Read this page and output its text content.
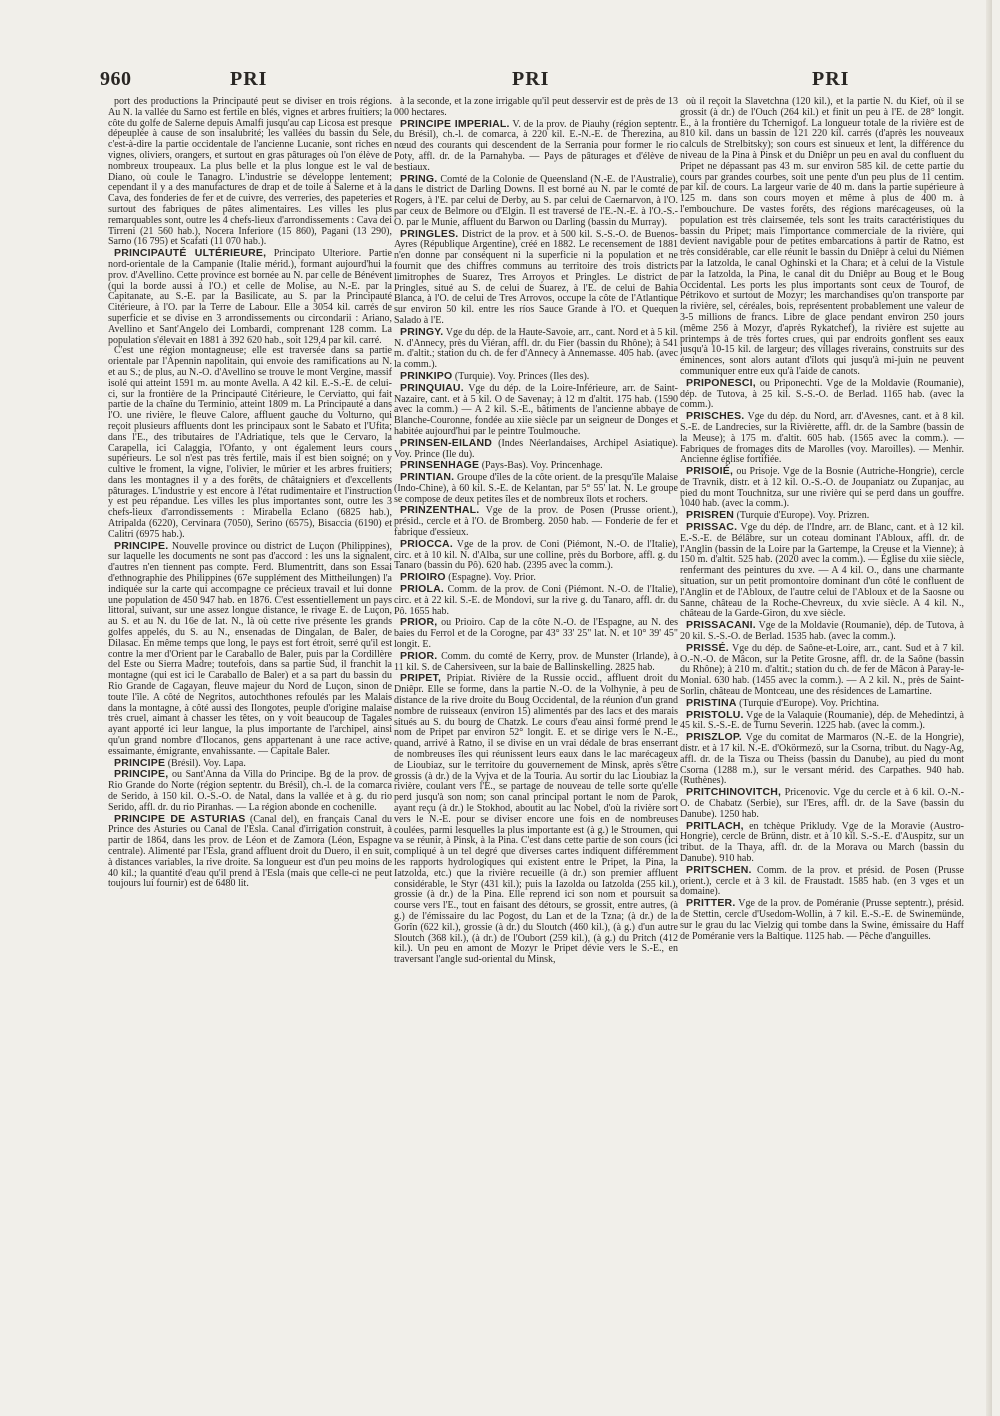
960	PRI	PRI	PRI

port des productions la Principauté peut se diviser en trois régions. Au N. la vallée du Sarno est fertile en blés, vignes et arbres fruitiers; la côte du golfe de Salerne depuis Amalfi jusqu'au cap Licosa est presque dépeuplée à cause de son insalubrité; les vallées du bassin du Sele, c'est-à-dire la partie occidentale de l'ancienne Lucanie, sont riches en vignes, oliviers, orangers, et surtout en gras pâturages où l'on élève de nombreux troupeaux. La plus belle et la plus longue est le val de Diano, où coule le Tanagro. L'industrie se développe lentement; cependant il y a des manufactures de drap et de toile à Salerne et à la Cava, des fonderies de fer et de cuivre, des verreries, des papeteries et surtout des fabriques de pâtes alimentaires. Les villes les plus remarquables sont, outre les 4 chefs-lieux d'arrondissements : Cava dei Tirreni (21 560 hab.), Nocera Inferiore (15 860), Pagani (13 290), Sarno (16 795) et Scafati (11 070 hab.).

PRINCIPAUTÉ ULTÉRIEURE, Principato Ulteriore. Partie nord-orientale de la Campanie (Italie mérid.), formant aujourd'hui la prov. d'Avellino. Cette province est bornée au N. par celle de Bénévent (qui la borde aussi à l'O.) et celle de Molise, au N.-E. par la Capitanate, au S.-E. par la Basilicate, au S. par la Principauté Citérieure, à l'O. par la Terre de Labour. Elle a 3054 kil. carrés de superficie et se divise en 3 arrondissements ou circondarii : Ariano, Avellino et Sant'Angelo dei Lombardi, comprenant 128 comm. La population s'élevait en 1881 à 392 620 hab., soit 129,4 par kil. carré.

C'est une région montagneuse; elle est traversée dans sa partie orientale par l'Apennin napolitain, qui envoie des ramifications au N. et au S.; de plus, au N.-O. d'Avellino se trouve le mont Vergine, massif isolé qui atteint 1591 m. au monte Avella. A 42 kil. E.-S.-E. de celui-ci, sur la frontière de la Principauté Citérieure, le Cerviatto, qui fait partie de la chaîne du Terminio, atteint 1809 m. La Principauté a dans l'O. une rivière, le fleuve Calore, affluent gauche du Volturno, qui reçoit plusieurs affluents dont les principaux sont le Sabato et l'Ufita; dans l'E., des tributaires de l'Adriatique, tels que le Cervaro, la Carapella, ici Calaggia, l'Ofanto, y ont également leurs cours supérieurs. Le sol n'est pas très fertile, mais il est bien soigné; on y cultive le froment, la vigne, l'olivier, le mûrier et les arbres fruitiers; dans les montagnes il y a des forêts, de châtaigniers et d'excellents pâturages. L'industrie y est encore à l'état rudimentaire et l'instruction y est peu répandue. Les villes les plus importantes sont, outre les 3 chefs-lieux d'arrondissements : Mirabella Eclano (6825 hab.), Atripalda (6220), Cervinara (7050), Serino (6575), Bisaccia (6190) et Calitri (6975 hab.).

PRINCIPE. Nouvelle province ou district de Luçon (Philippines), sur laquelle les documents ne sont pas d'accord : les uns la signalent, d'autres n'en tiennent pas compte. Ferd. Blumentritt, dans son Essai d'ethnographie des Philippines (67e supplément des Mittheilungen) l'a indiquée sur la carte qui accompagne ce précieux travail et lui donne une population de 450 947 hab. en 1876. C'est essentiellement un pays littoral, suivant, sur une assez longue distance, le rivage E. de Luçon, au S. et au N. du 16e de lat. N., là où cette rive présente les grands golfes appelés, du S. au N., ensenadas de Dingalan, de Baler, de Dilasac. En même temps que long, le pays est fort étroit, serré qu'il est contre la mer d'Orient par le Caraballo de Baler, puis par la Cordillère del Este ou Sierra Madre; toutefois, dans sa partie Sud, il franchit la montagne (qui est ici le Caraballo de Baler) et a sa part du bassin du Rio Grande de Cagayan, fleuve majeur du Nord de Luçon, sinon de toute l'île. A côté de Negritos, autochthones refoulés par les Malais dans la montagne, à côté aussi des Ilongotes, peuple d'origine malaise très cruel, aimant à chasser les têtes, on y voit beaucoup de Tagales ayant apporté ici leur langue, la plus importante de l'archipel, ainsi qu'un grand nombre d'Ilocanos, gens appartenant à une race active, essaimante, émigrante, envahissante. — Capitale Baler.

PRINCIPE (Brésil). Voy. Lapa.

PRINCIPE, ou Sant'Anna da Villa do Principe. Bg de la prov. de Rio Grande do Norte (région septentr. du Brésil), ch.-l. de la comarca de Serido, à 150 kil. O.-S.-O. de Natal, dans la vallée et à g. du rio Serido, affl. dr. du rio Piranhas. — La région abonde en cochenille.

PRINCIPE DE ASTURIAS (Canal del), en français Canal du Prince des Asturies ou Canal de l'Esla. Canal d'irrigation construit, à partir de 1864, dans les prov. de Léon et de Zamora (Léon, Espagne centrale). Alimenté par l'Esla, grand affluent droit du Duero, il en suit, à distances variables, la rive droite. Sa longueur est d'un peu moins de 40 kil.; la quantité d'eau qu'il prend à l'Esla (mais que celle-ci ne peut toujours lui fournir) est de 6480 lit.

à la seconde, et la zone irrigable qu'il peut desservir est de près de 13 000 hectares.

PRINCIPE IMPERIAL. V. de la prov. de Piauhy (région septentr. du Brésil), ch.-l. de comarca, à 220 kil. E.-N.-E. de Therezina, au nœud des courants qui descendent de la Serrania pour former le rio Poty, affl. dr. de la Parnahyba. — Pays de pâturages et d'élève de bestiaux.

PRING. Comté de la Colonie de Queensland (N.-E. de l'Australie), dans le district de Darling Downs. Il est borné au N. par le comté de Rogers, à l'E. par celui de Derby, au S. par celui de Caernarvon, à l'O. par ceux de Belmore ou d'Elgin. Il est traversé de l'E.-N.-E. à l'O.-S.-O. par le Munie, affluent du Barwon ou Darling (bassin du Murray).

PRINGLES. District de la prov. et à 500 kil. S.-S.-O. de Buenos-Ayres (République Argentine), créé en 1882. Le recensement de 1881 n'en donne par conséquent ni la superficie ni la population et ne fournit que des chiffres communs au territoire des trois districts limitrophes de Suarez, Tres Arroyos et Pringles. Le district de Pringles, situé au S. de celui de Suarez, à l'E. de celui de Bahia Blanca, à l'O. de celui de Tres Arrovos, occupe la côte de l'Atlantique sur environ 50 kil. entre les ríos Sauce Grande à l'O. et Quequen Salado à l'E.

PRINGY. Vge du dép. de la Haute-Savoie, arr., cant. Nord et à 5 kil. N. d'Annecy, près du Viéran, affl. dr. du Fier (bassin du Rhône); à 541 m. d'altit.; station du ch. de fer d'Annecy à Annemasse. 405 hab. (avec la comm.).

PRINKIPO (Turquie). Voy. Princes (Iles des).

PRINQUIAU. Vge du dép. de la Loire-Inférieure, arr. de Saint-Nazaire, cant. et à 5 kil. O de Savenay; à 12 m d'altit. 175 hab. (1590 avec la comm.) — A 2 kil. S.-E., bâtiments de l'ancienne abbaye de Blanche-Couronne, fondée au xiie siècle par un seigneur de Donges et habitée aujourd'hui par le peintre Toulmouche.

PRINSEN-EILAND (Indes Néerlandaises, Archipel Asiatique). Voy. Prince (Ile du).

PRINSENHAGE (Pays-Bas). Voy. Princenhage.

PRINTIAN. Groupe d'îles de la côte orient. de la presqu'île Malaise (Indo-Chine), à 60 kil. S.-E. de Kelantan, par 5° 55' lat. N. Le groupe se compose de deux petites îles et de nombreux îlots et rochers.

PRINZENTHAL. Vge de la prov. de Posen (Prusse orient.), présid., cercle et à l'O. de Bromberg. 2050 hab. — Fonderie de fer et fabrique d'essieux.

PRIOCCA. Vge de la prov. de Coni (Piémont, N.-O. de l'Italie), circ. et à 10 kil. N. d'Alba, sur une colline, près du Borbore, affl. g. du Tanaro (bassin du Pô). 620 hab. (2395 avec la comm.).

PRIOIRO (Espagne). Voy. Prior.

PRIOLA. Comm. de la prov. de Coni (Piémont. N.-O. de l'Italie), circ. et à 22 kil. S.-E. de Mondovi, sur la rive g. du Tanaro, affl. dr. du Pô. 1655 hab.

PRIOR, ou Prioiro. Cap de la côte N.-O. de l'Espagne, au N. des baies du Ferrol et de la Corogne, par 43° 33' 25" lat. N. et 10° 39' 45" longit. E.

PRIOR. Comm. du comté de Kerry, prov. de Munster (Irlande), à 11 kil. S. de Cahersiveen, sur la baie de Ballinskelling. 2825 hab.

PRIPET, Pripiat. Rivière de la Russie occid., affluent droit du Dniêpr. Elle se forme, dans la partie N.-O. de la Volhynie, à peu de distance de la rive droite du Boug Occidental, de la réunion d'un grand nombre de ruisseaux (environ 15) alimentés par des lacs et des marais situés au S. du bourg de Chatzk. Le cours d'eau ainsi formé prend le nom de Pripet par environ 52° longit. E. et se dirige vers le N.-E., quand, arrivé à Ratno, il se divise en un vrai dédale de bras enserrant de nombreuses îles qui réunissent leurs eaux dans le lac marécageux de Lioubiaz, sur le territoire du gouvernement de Minsk, après s'être grossis (à dr.) de la Vyjva et de la Touria. Au sortir du lac Lioubiaz la rivière, coulant vers l'E., se partage de nouveau de telle sorte qu'elle perd jusqu'à son nom; son canal principal portant le nom de Parok, ayant reçu (à dr.) le Stokhod, aboutit au lac Nobel, d'où la rivière sort vers le N.-E. pour se diviser encore une fois en de nombreuses coulées, parmi lesquelles la plus importante est (à g.) le Stroumen, qui va se réunir, à Pinsk, à la Pina. C'est dans cette partie de son cours (ici compliqué à un tel degré que diverses cartes indiquent différemment les rapports hydrologiques qui existent entre le Pripet, la Pina, la Iatzolda, etc.) que la rivière recueille (à dr.) son premier affluent considérable, le Styr (431 kil.); puis la Iazolda ou Iatzolda (255 kil.), grossie (à dr.) de la Pina. Elle reprend ici son nom et poursuit sa course vers l'E., tout en faisant des détours, se grossit, entre autres, (à g.) de l'émissaire du lac Pogost, du Lan et de la Tzna; (à dr.) de la Gorîn (622 kil.), grossie (à dr.) du Sloutch (460 kil.), (à g.) d'un autre Sloutch (368 kil.), (à dr.) de l'Oubort (259 kil.), (à g.) du Pritch (412 kil.). Un peu en amont de Mozyr le Pripet dévie vers le S.-E., en traversant l'angle sud-oriental du Minsk,

où il reçoit la Slavetchna (120 kil.), et la partie N. du Kief, où il se grossit (à dr.) de l'Ouch (264 kil.) et finit un peu à l'E. de 28° longit. E., à la frontière du Tchernigof. La longueur totale de la rivière est de 810 kil. dans un bassin de 121 220 kil. carrés (d'après les nouveaux calculs de Strelbitsky); son cours est sinueux et lent, la différence du niveau de la Pina à Pinsk et du Dniêpr un peu en aval du confluent du Pripet ne dépassant pas 43 m. sur environ 585 kil. de cette partie du cours par grandes courbes, soit une pente d'un peu plus de 11 centim. par kil. de cours. La largeur varie de 40 m. dans la partie supérieure à 125 m. dans son cours moyen et même à plus de 400 m. à l'embouchure. De vastes forêts, des régions marécageuses, où la population est très clairsemée, tels sont les traits caractéristiques du bassin du Pripet; mais l'importance commerciale de la rivière, qui devient navigable pour de petites embarcations à partir de Ratno, est très considérable, car elle réunit le bassin du Dniêpr à celui du Niémen par la Iatzolda, le canal Oghinski et la Chara; et à celui de la Vistule par la Iatzolda, la Pina, le canal dit du Dniêpr au Boug et le Boug Occidental. Les ports les plus importants sont ceux de Tourof, de Pétrikovo et surtout de Mozyr; les marchandises qu'on transporte par la rivière, sel, céréales, bois, représentent probablement une valeur de 3-5 millions de francs. Libre de glace pendant environ 250 jours (même 256 à Mozyr, d'après Rykatchef), la rivière est sujette au printemps à de très fortes crues, qui par endroits gonflent ses eaux jusqu'à 10-15 kil. de largeur; des villages riverains, construits sur des éminences, sont alors autant d'îlots qui jusqu'à mi-juin ne peuvent communiquer entre eux qu'à l'aide de canots.

PRIPONESCI, ou Priponechti. Vge de la Moldavie (Roumanie), dép. de Tutova, à 25 kil. S.-S.-O. de Berlad. 1165 hab. (avec la comm.).

PRISCHES. Vge du dép. du Nord, arr. d'Avesnes, cant. et à 8 kil. S.-E. de Landrecies, sur la Rivièrette, affl. dr. de la Sambre (bassin de la Meuse); à 175 m. d'altit. 605 hab. (1565 avec la comm.). — Fabriques de fromages dits de Marolles (voy. Maroilles). — Menhir. Ancienne église fortifiée.

PRISOIÉ, ou Prisoje. Vge de la Bosnie (Autriche-Hongrie), cercle de Travnik, distr. et à 12 kil. O.-S.-O. de Joupaniatz ou Zupanjac, au pied du mont Touchnitza, sur une rivière qui se perd dans un gouffre. 1040 hab. (avec la comm.).

PRISREN (Turquie d'Europe). Voy. Prizren.

PRISSAC. Vge du dép. de l'Indre, arr. de Blanc, cant. et à 12 kil. E.-S.-E. de Bélâbre, sur un coteau dominant l'Abloux, affl. dr. de l'Anglin (bassin de la Loire par la Gartempe, la Creuse et la Vienne); à 150 m. d'altit. 525 hab. (2020 avec la comm.). — Église du xiie siècle, renfermant des peintures du xve. — A 4 kil. O., dans une charmante situation, sur un petit promontoire dominant d'un côté le confluent de l'Anglin et de l'Abloux, de l'autre celui de l'Abloux et de la Saosne ou Sanne, château de la Roche-Chevreux, du xvie siècle. A 4 kil. N., château de la Garde-Giron, du xve siècle.

PRISSACANI. Vge de la Moldavie (Roumanie), dép. de Tutova, à 20 kil. S.-S.-O. de Berlad. 1535 hab. (avec la comm.).

PRISSÉ. Vge du dép. de Saône-et-Loire, arr., cant. Sud et à 7 kil. O.-N.-O. de Mâcon, sur la Petite Grosne, affl. dr. de la Saône (bassin du Rhône); à 210 m. d'altit.; station du ch. de fer de Mâcon à Paray-le-Monial. 630 hab. (1455 avec la comm.). — A 2 kil. N., près de Saint-Sorlin, château de Montceau, une des résidences de Lamartine.

PRISTINA (Turquie d'Europe). Voy. Prichtina.

PRISTOLU. Vge de la Valaquie (Roumanie), dép. de Mehedintzi, à 45 kil. S.-S.-E. de Turnu Severin. 1225 hab. (avec la comm.).

PRISZLOP. Vge du comitat de Marmaros (N.-E. de la Hongrie), distr. et à 17 kil. N.-E. d'Okörmezö, sur la Csorna, tribut. du Nagy-Ag, affl. dr. de la Tisza ou Theiss (bassin du Danube), au pied du mont Csorna (1288 m.), sur le versant mérid. des Carpathes. 940 hab. (Ruthènes).

PRITCHINOVITCH, Pricenovic. Vge du cercle et à 6 kil. O.-N.-O. de Chabatz (Serbie), sur l'Eres, affl. dr. de la Save (bassin du Danube). 1250 hab.

PRITLACH, en tchèque Prikludy. Vge de la Moravie (Austro-Hongrie), cercle de Brünn, distr. et à 10 kil. S.-S.-E. d'Auspitz, sur un tribut. de la Thaya, affl. dr. de la Morava ou March (bassin du Danube). 910 hab.

PRITSCHEN. Comm. de la prov. et présid. de Posen (Prusse orient.), cercle et à 3 kil. de Fraustadt. 1585 hab. (en 3 vges et un domaine).

PRITTER. Vge de la prov. de Poméranie (Prusse septentr.), présid. de Stettin, cercle d'Usedom-Wollin, à 7 kil. E.-S.-E. de Swinemünde, sur le grau du lac Vielzig qui tombe dans la Swine, émissaire du Haff de Poméranie vers la Baltique. 1125 hab. — Pêche d'anguilles.
